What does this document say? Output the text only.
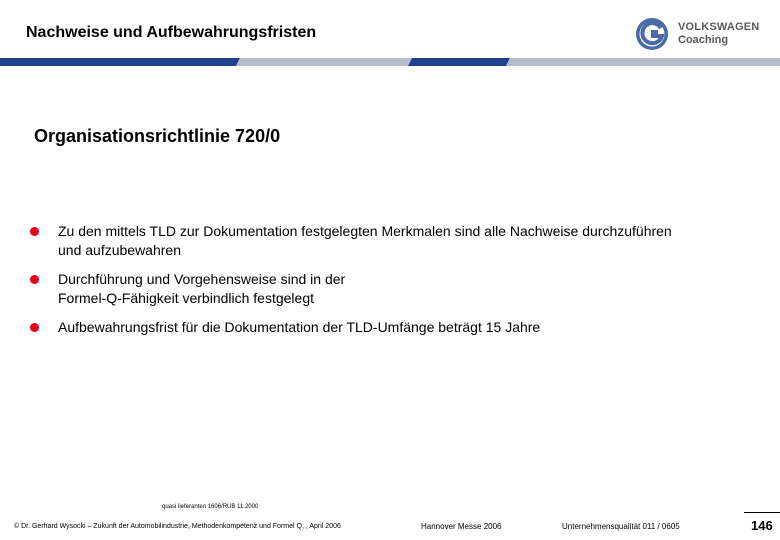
Nachweise und Aufbewahrungsfristen	VOLKSWAGEN
Coaching
Organisationsrichtlinie 720/0
Zu den mittels TLD zur Dokumentation festgelegten Merkmalen sind alle Nachweise durchzuführen
und aufzubewahren
Durchführung und Vorgehensweise sind in der
Formel-Q-Fähigkeit verbindlich festgelegt
Aufbewahrungsfrist für die Dokumentation der TLD-Umfänge beträgt 15 Jahre
quasi lieferanten 1606/RUB 11.2000
© Dr. Gerhard Wysocki – Zukunft der Automobilindustrie, Methodenkompetenz und Formel Q, , April 2006	Hannover Messe 2006	Unternehmensqualität 011 / 0605	146
